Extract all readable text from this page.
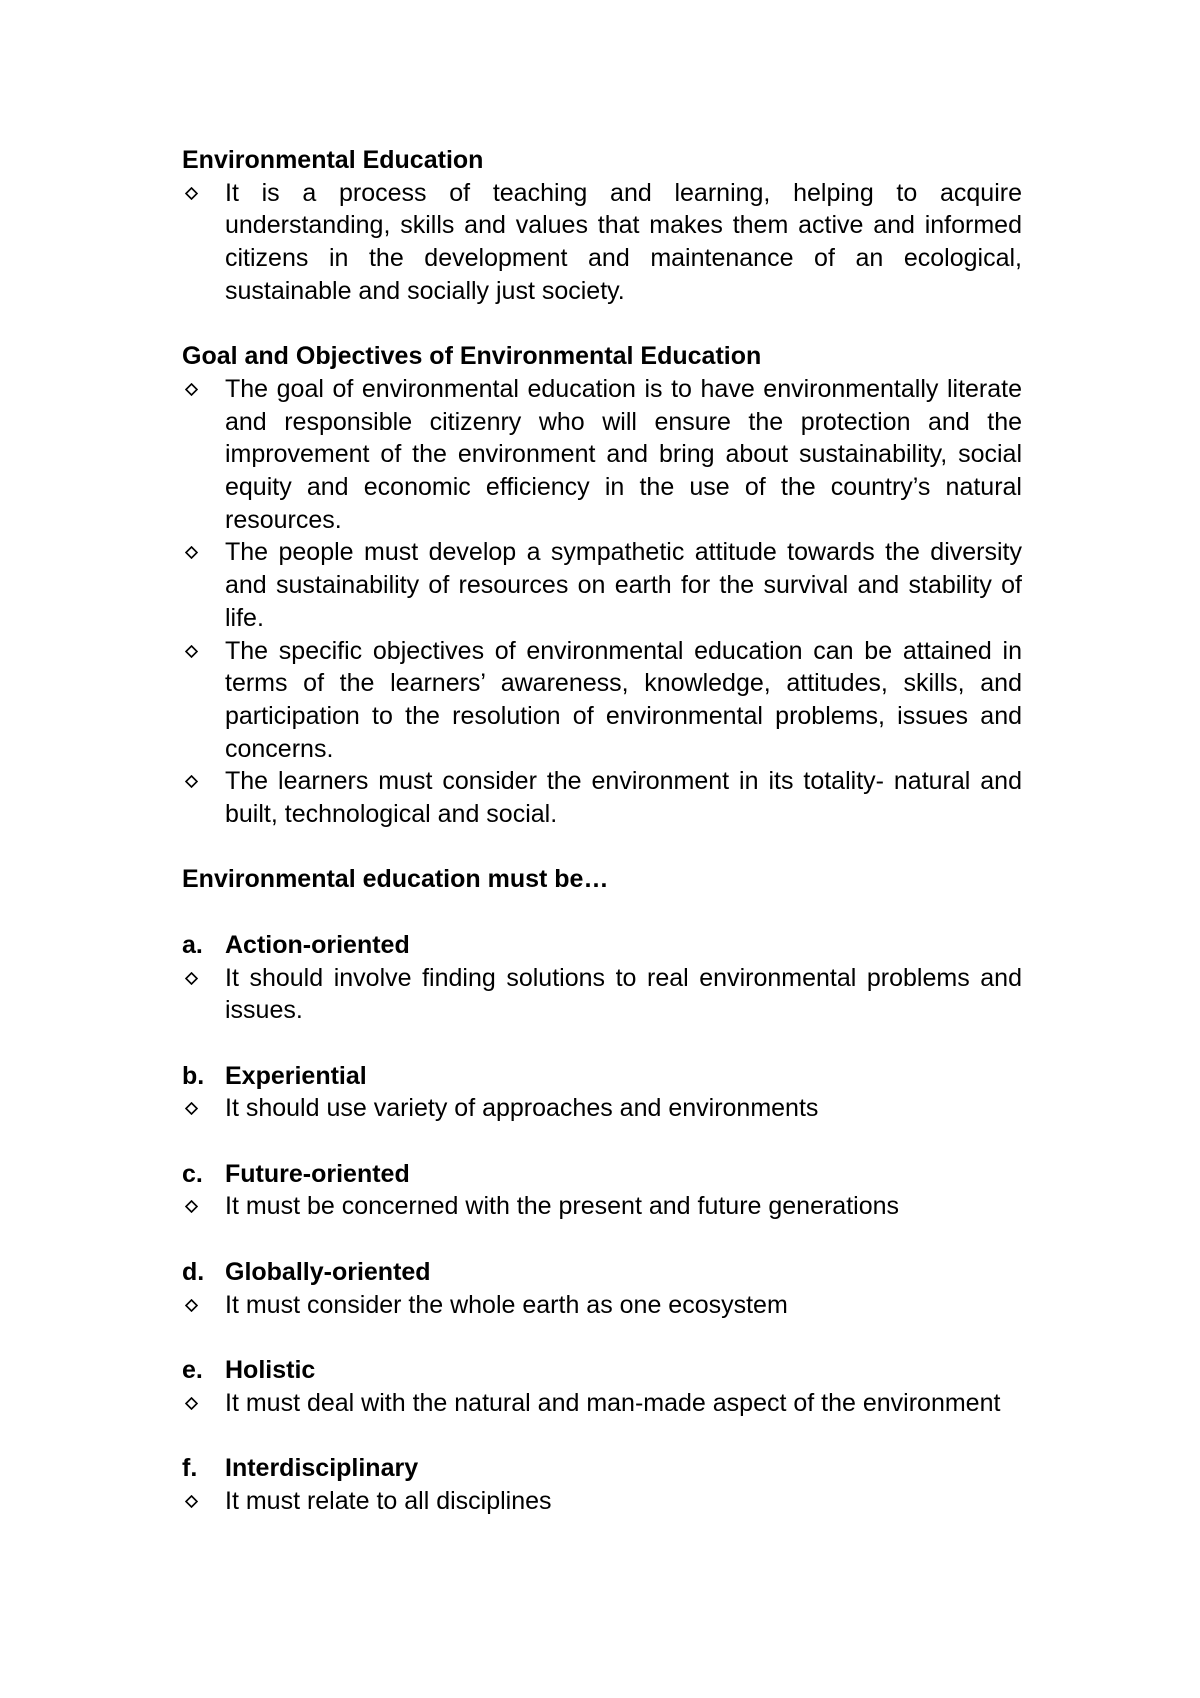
Environmental Education
It is a process of teaching and learning, helping to acquire understanding, skills and values that makes them active and informed citizens in the development and maintenance of an ecological, sustainable and socially just society.
Goal and Objectives of Environmental Education
The goal of environmental education is to have environmentally literate and responsible citizenry who will ensure the protection and the improvement of the environment and bring about sustainability, social equity and economic efficiency in the use of the country’s natural resources.
The people must develop a sympathetic attitude towards the diversity and sustainability of resources on earth for the survival and stability of life.
The specific objectives of environmental education can be attained in terms of the learners’ awareness, knowledge, attitudes, skills, and participation to the resolution of environmental problems, issues and concerns.
The learners must consider the environment in its totality- natural and built, technological and social.
Environmental education must be…
a. Action-oriented
It should involve finding solutions to real environmental problems and issues.
b. Experiential
It should use variety of approaches and environments
c. Future-oriented
It must be concerned with the present and future generations
d. Globally-oriented
It must consider the whole earth as one ecosystem
e. Holistic
It must deal with the natural and man-made aspect of the environment
f. Interdisciplinary
It must relate to all disciplines
